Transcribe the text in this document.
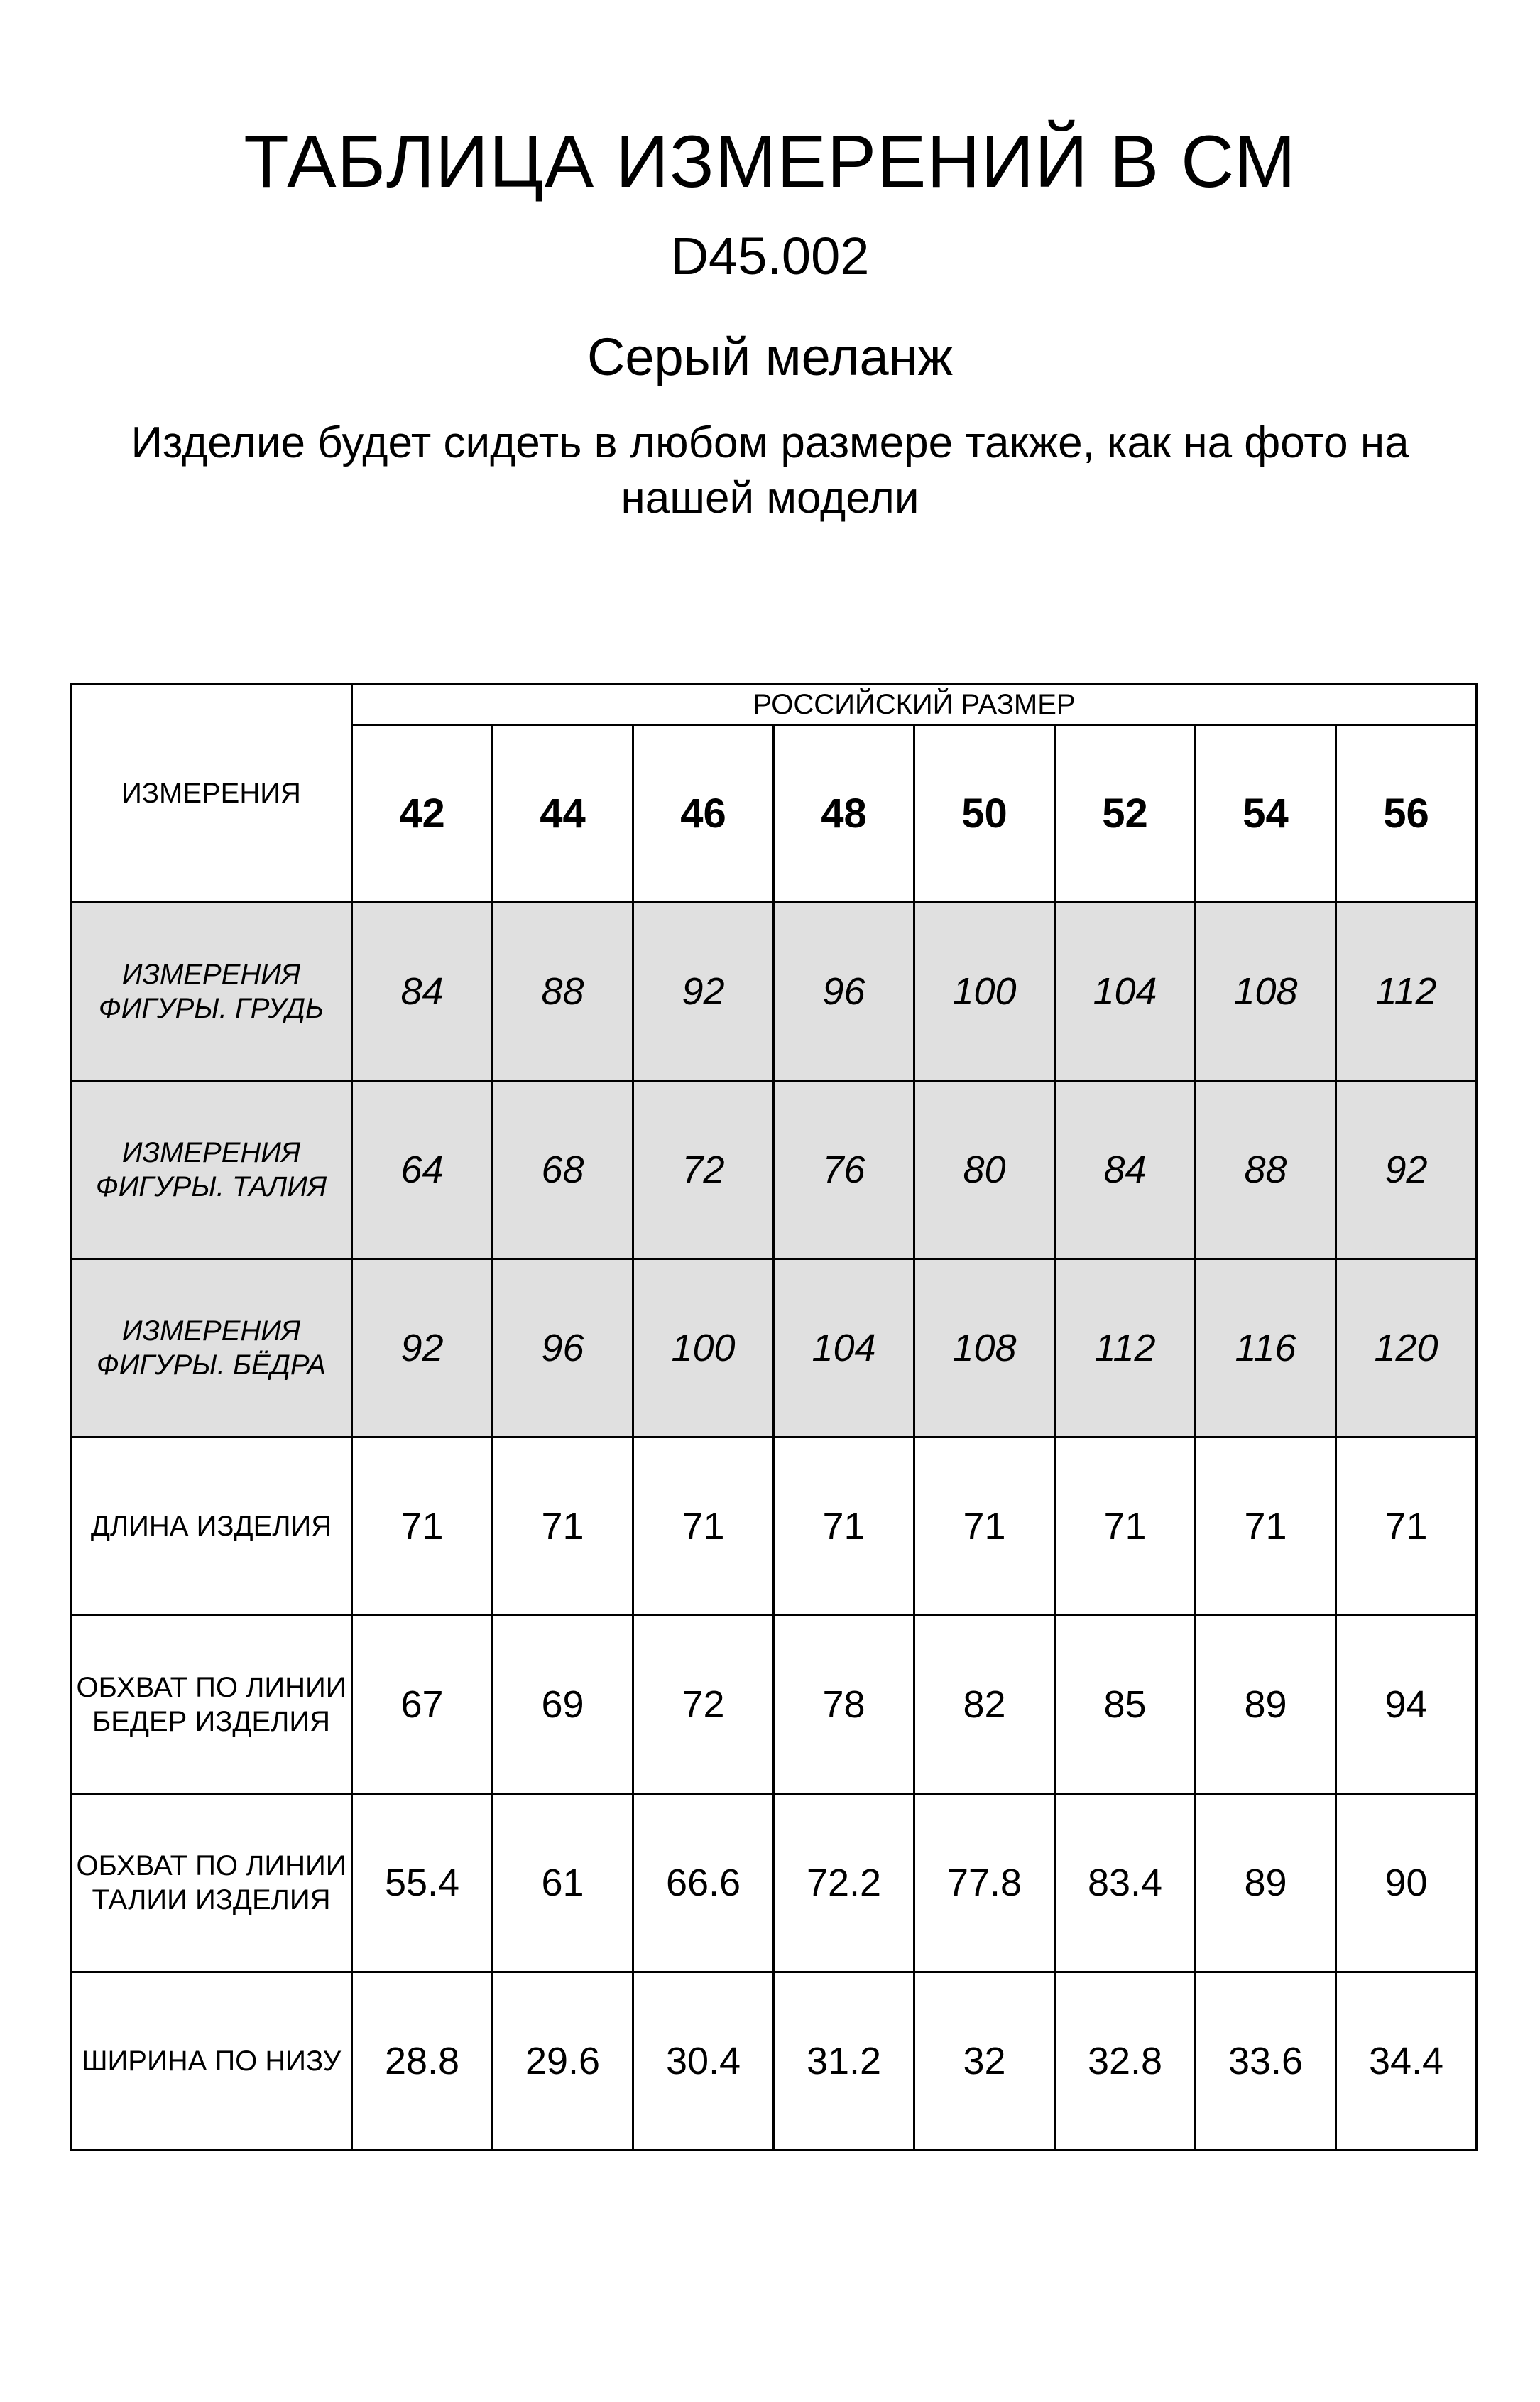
ТАБЛИЦА ИЗМЕРЕНИЙ В СМ
D45.002
Серый меланж
Изделие будет сидеть в любом размере также, как на фото на нашей модели
ИЗМЕРЕНИЯ	РОССИЙСКИЙ РАЗМЕР							
	42	44	46	48	50	52	54	56
ИЗМЕРЕНИЯ ФИГУРЫ. ГРУДЬ	84	88	92	96	100	104	108	112
ИЗМЕРЕНИЯ ФИГУРЫ. ТАЛИЯ	64	68	72	76	80	84	88	92
ИЗМЕРЕНИЯ ФИГУРЫ. БЁДРА	92	96	100	104	108	112	116	120
ДЛИНА ИЗДЕЛИЯ	71	71	71	71	71	71	71	71
ОБХВАТ ПО ЛИНИИ БЕДЕР ИЗДЕЛИЯ	67	69	72	78	82	85	89	94
ОБХВАТ ПО ЛИНИИ ТАЛИИ ИЗДЕЛИЯ	55.4	61	66.6	72.2	77.8	83.4	89	90
ШИРИНА ПО НИЗУ	28.8	29.6	30.4	31.2	32	32.8	33.6	34.4
